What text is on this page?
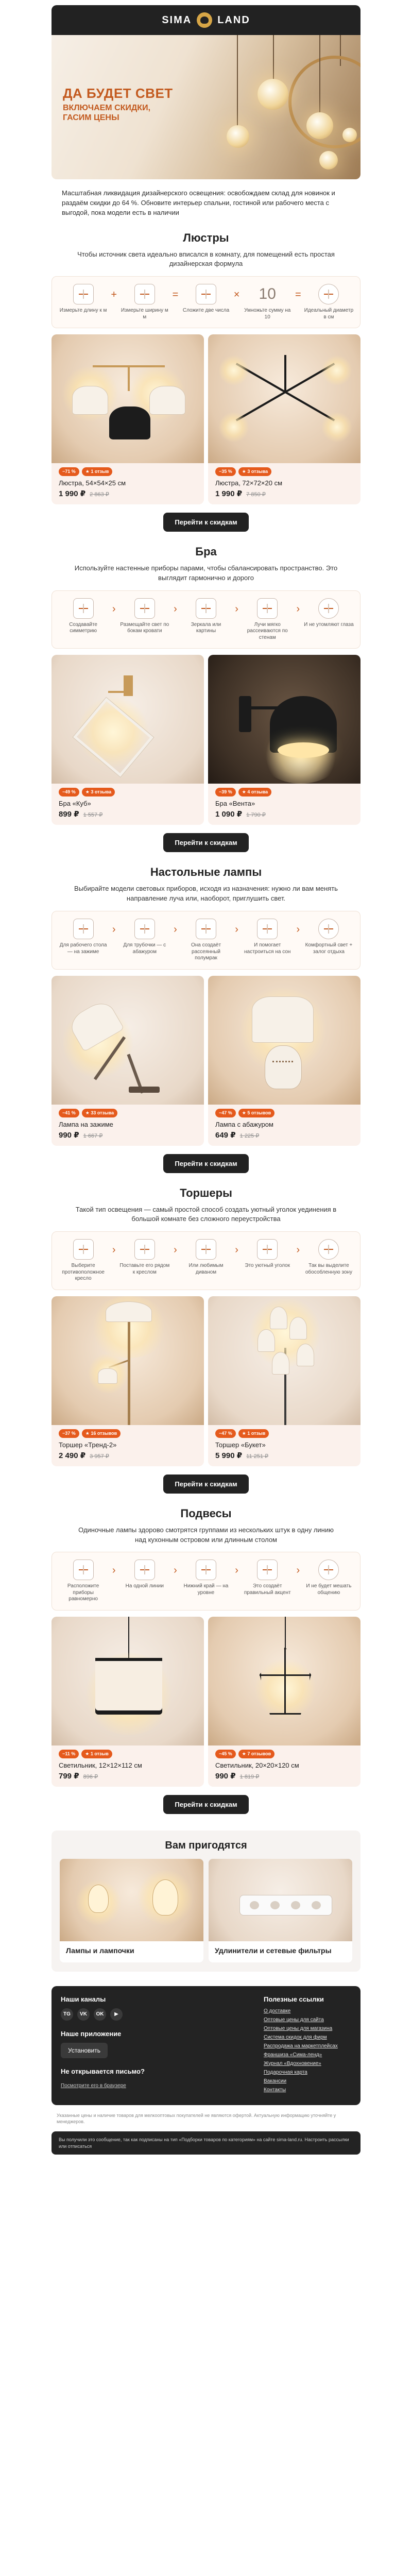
SIMA	LAND
ДА БУДЕТ СВЕТ
ВКЛЮЧАЕМ СКИДКИ, ГАСИМ ЦЕНЫ

Масштабная ликвидация дизайнерского освещения: освобождаем склад для новинок и раздаём скидки до 64 %. Обновите интерьер спальни, гостиной или рабочего места с выгодой, пока модели есть в наличии

Люстры

Чтобы источник света идеально вписался в комнату, для помещений есть простая дизайнерская формула

Измерьте длину к м
+
Измерьте ширину м м
=
Сложите две числа
×	10
Умножьте сумму на 10
=
Идеальный диаметр в см
−71 %	★ 1 отзыв
Люстра, 54×54×25 см
1 990 ₽ 2 863 ₽
−35 %	★ 3 отзыва
Люстра, 72×72×20 см
1 990 ₽ 7 850 ₽
Перейти к скидкам
Бра

Используйте настенные приборы парами, чтобы сбалансировать пространство. Это выглядит гармонично и дорого

Создавайте симметрию
›
Размещайте свет по бокам кровати
›
Зеркала или картины
›
Лучи мягко рассеиваются по стенам
›
И не утомляют глаза
−49 %	★ 3 отзыва
Бра «Куб»
899 ₽ 1 557 ₽
−39 %	★ 4 отзыва
Бра «Вента»
1 090 ₽ 1 790 ₽
Перейти к скидкам
Настольные лампы

Выбирайте модели световых приборов, исходя из назначения: нужно ли вам менять направление луча или, наоборот, приглушить свет.

Для рабочего стола — на зажиме
›
Для трубочки — с абажуром
›
Она создаёт рассеянный полумрак
›
И помогает настроиться на сон
›
Комфортный свет + залог отдыха
−41 %	★ 33 отзыва
Лампа на зажиме
990 ₽ 1 667 ₽
−47 %	★ 5 отзывов
Лампа с абажуром
649 ₽ 1 225 ₽
Перейти к скидкам
Торшеры

Такой тип освещения — самый простой способ создать уютный уголок уединения в большой комнате без сложного переустройства

Выберите противоположное кресло
›
Поставьте его рядом к креслом
›
Или любимым диваном
›
Это уютный уголок
›
Так вы выделите обособленную зону
−37 %	★ 16 отзывов
Торшер «Тренд-2»
2 490 ₽ 3 957 ₽
−47 %	★ 1 отзыв
Торшер «Букет»
5 990 ₽ 11 251 ₽
Перейти к скидкам
Подвесы

Одиночные лампы здорово смотрятся группами из нескольких штук в одну линию над кухонным островом или длинным столом

Расположите приборы равномерно
›
На одной линии
›
Нижний край — на уровне
›
Это создаёт правильный акцент
›
И не будет мешать общению
−11 %	★ 1 отзыв
Светильник, 12×12×112 см
799 ₽ 896 ₽
−45 %	★ 7 отзывов
Светильник, 20×20×120 см
990 ₽ 1 819 ₽
Перейти к скидкам
Вам пригодятся
Лампы и лампочки	Удлинители и сетевые фильтры
Наши каналы
TG	VK	OK	▶
Наше приложение
Установить
Не открывается письмо?
Посмотрите его в браузере
Полезные ссылки
О доставке
Оптовые цены для сайта
Оптовые цены для магазина
Система скидок для фирм
Распродажа на маркетплейсах
Франшиза «Сима-ленд»
Журнал «Вдохновение»
Подарочная карта
Вакансии
Контакты

Указанные цены и наличие товаров для мелкооптовых покупателей не являются офертой. Актуальную информацию уточняйте у менеджеров.

Вы получили это сообщение, так как подписаны на тип «Подборки товаров по категориям» на сайте sima-land.ru. Настроить рассылки или отписаться
